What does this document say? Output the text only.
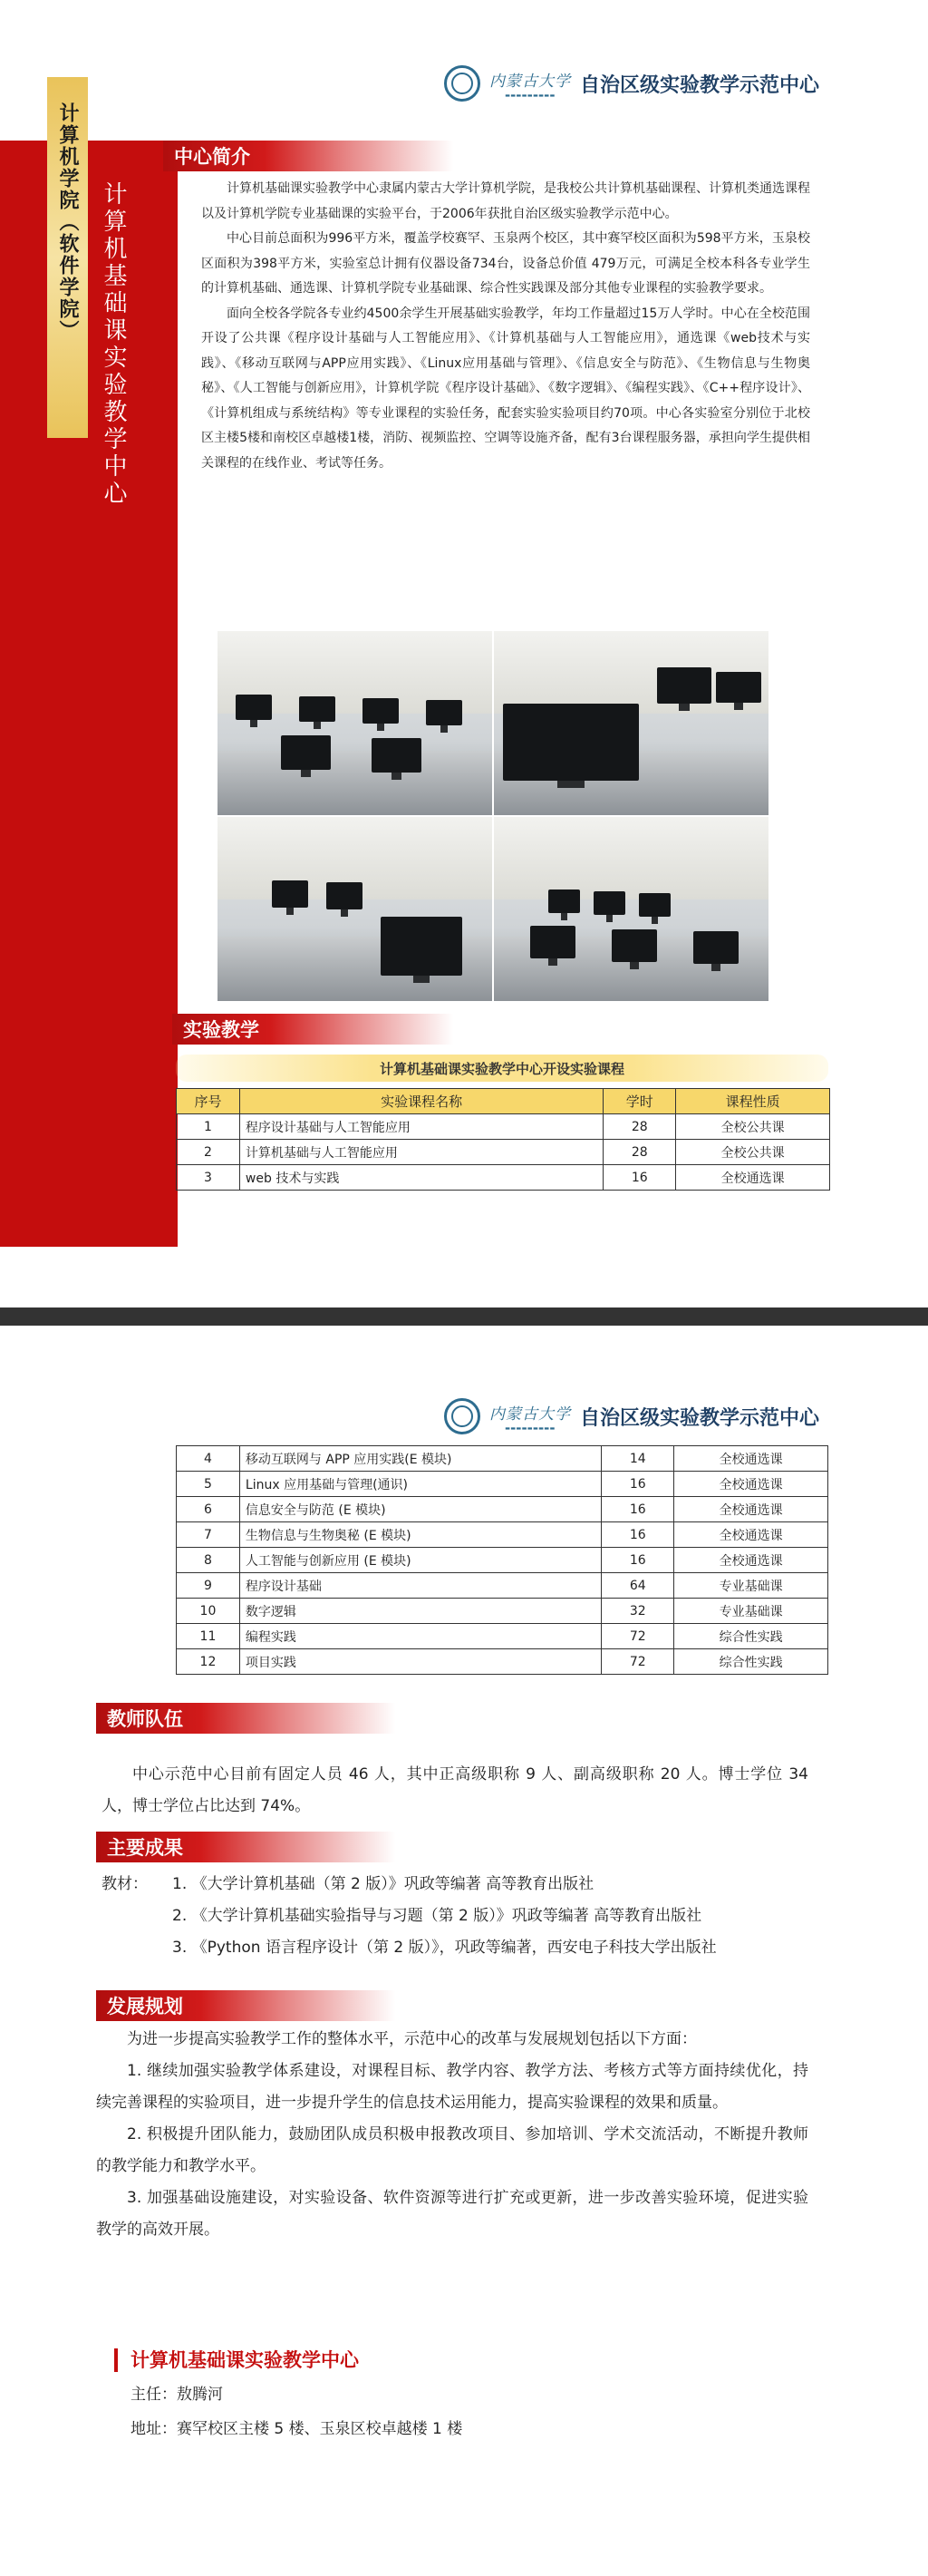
内蒙古大学
▬▬▬▬▬▬▬▬▬ 自治区级实验教学示范中心
计算机学院（软件学院） 计算机基础课实验教学中心
中心简介

计算机基础课实验教学中心隶属内蒙古大学计算机学院，是我校公共计算机基础课程、计算机类通选课程以及计算机学院专业基础课的实验平台，于2006年获批自治区级实验教学示范中心。

中心目前总面积为996平方米，覆盖学校赛罕、玉泉两个校区，其中赛罕校区面积为598平方米，玉泉校区面积为398平方米，实验室总计拥有仪器设备734台，设备总价值 479万元，可满足全校本科各专业学生的计算机基础、通选课、计算机学院专业基础课、综合性实践课及部分其他专业课程的实验教学要求。

面向全校各学院各专业约4500余学生开展基础实验教学，年均工作量超过15万人学时。中心在全校范围开设了公共课《程序设计基础与人工智能应用》、《计算机基础与人工智能应用》，通选课《web技术与实践》、《移动互联网与APP应用实践》、《Linux应用基础与管理》、《信息安全与防范》、《生物信息与生物奥秘》、《人工智能与创新应用》，计算机学院《程序设计基础》、《数字逻辑》、《编程实践》、《C++程序设计》、《计算机组成与系统结构》等专业课程的实验任务，配套实验实验项目约70项。中心各实验室分别位于北校区主楼5楼和南校区卓越楼1楼，消防、视频监控、空调等设施齐备，配有3台课程服务器，承担向学生提供相关课程的在线作业、考试等任务。

实验教学
计算机基础课实验教学中心开设实验课程
序号	实验课程名称	学时	课程性质
1	程序设计基础与人工智能应用	28	全校公共课
2	计算机基础与人工智能应用	28	全校公共课
3	web 技术与实践	16	全校通选课
内蒙古大学
▬▬▬▬▬▬▬▬▬ 自治区级实验教学示范中心
4	移动互联网与 APP 应用实践(E 模块)	14	全校通选课
5	Linux 应用基础与管理(通识)	16	全校通选课
6	信息安全与防范 (E 模块)	16	全校通选课
7	生物信息与生物奥秘 (E 模块)	16	全校通选课
8	人工智能与创新应用 (E 模块)	16	全校通选课
9	程序设计基础	64	专业基础课
10	数字逻辑	32	专业基础课
11	编程实践	72	综合性实践
12	项目实践	72	综合性实践
教师队伍

中心示范中心目前有固定人员 46 人，其中正高级职称 9 人、副高级职称 20 人。博士学位 34 人，博士学位占比达到 74%。

主要成果
教材：	1. 《大学计算机基础（第 2 版）》巩政等编著 高等教育出版社
2. 《大学计算机基础实验指导与习题（第 2 版）》巩政等编著 高等教育出版社
3. 《Python 语言程序设计（第 2 版）》，巩政等编著，西安电子科技大学出版社
发展规划

为进一步提高实验教学工作的整体水平，示范中心的改革与发展规划包括以下方面：

1. 继续加强实验教学体系建设，对课程目标、教学内容、教学方法、考核方式等方面持续优化，持续完善课程的实验项目，进一步提升学生的信息技术运用能力，提高实验课程的效果和质量。

2. 积极提升团队能力，鼓励团队成员积极申报教改项目、参加培训、学术交流活动，不断提升教师的教学能力和教学水平。

3. 加强基础设施建设，对实验设备、软件资源等进行扩充或更新，进一步改善实验环境，促进实验教学的高效开展。

计算机基础课实验教学中心
主任：敖腾河
地址：赛罕校区主楼 5 楼、玉泉区校卓越楼 1 楼
